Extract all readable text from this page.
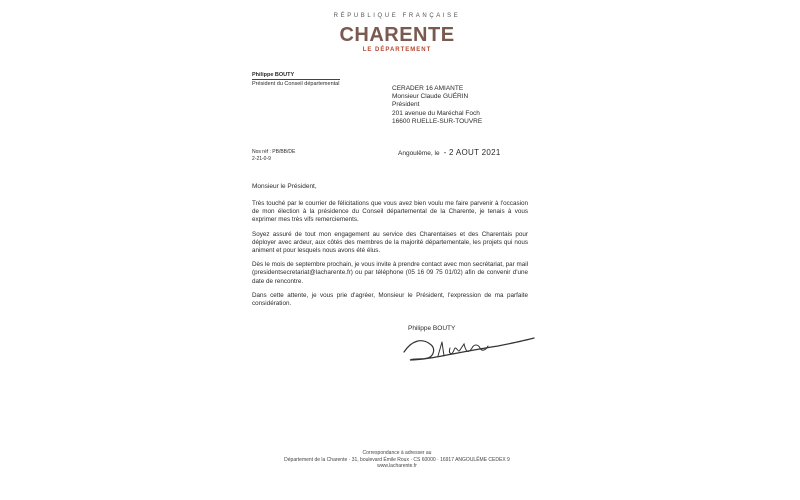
RÉPUBLIQUE FRANÇAISE
CHARENTE
LE DÉPARTEMENT
Philippe BOUTY
Président du Conseil départemental
CERADER 16 AMIANTE
Monsieur Claude GUÉRIN
Président
201 avenue du Maréchal Foch
16600 RUELLE-SUR-TOUVRE
Nos réf : PB/BB/DE
2-21-0-9
Angoulême, le - 2 AOUT 2021
Monsieur le Président,

Très touché par le courrier de félicitations que vous avez bien voulu me faire parvenir à l'occasion de mon élection à la présidence du Conseil départemental de la Charente, je tenais à vous exprimer mes très vifs remerciements.

Soyez assuré de tout mon engagement au service des Charentaises et des Charentais pour déployer avec ardeur, aux côtés des membres de la majorité départementale, les projets qui nous animent et pour lesquels nous avons été élus.

Dès le mois de septembre prochain, je vous invite à prendre contact avec mon secrétariat, par mail (presidentsecretariat@lacharente.fr) ou par téléphone (05 16 09 75 01/02) afin de convenir d'une date de rencontre.

Dans cette attente, je vous prie d'agréer, Monsieur le Président, l'expression de ma parfaite considération.

Philippe BOUTY
Correspondance à adresser au
Département de la Charente · 31, boulevard Émile Roux · CS 60000 · 16917 ANGOULÊME CEDEX 9
www.lacharente.fr
